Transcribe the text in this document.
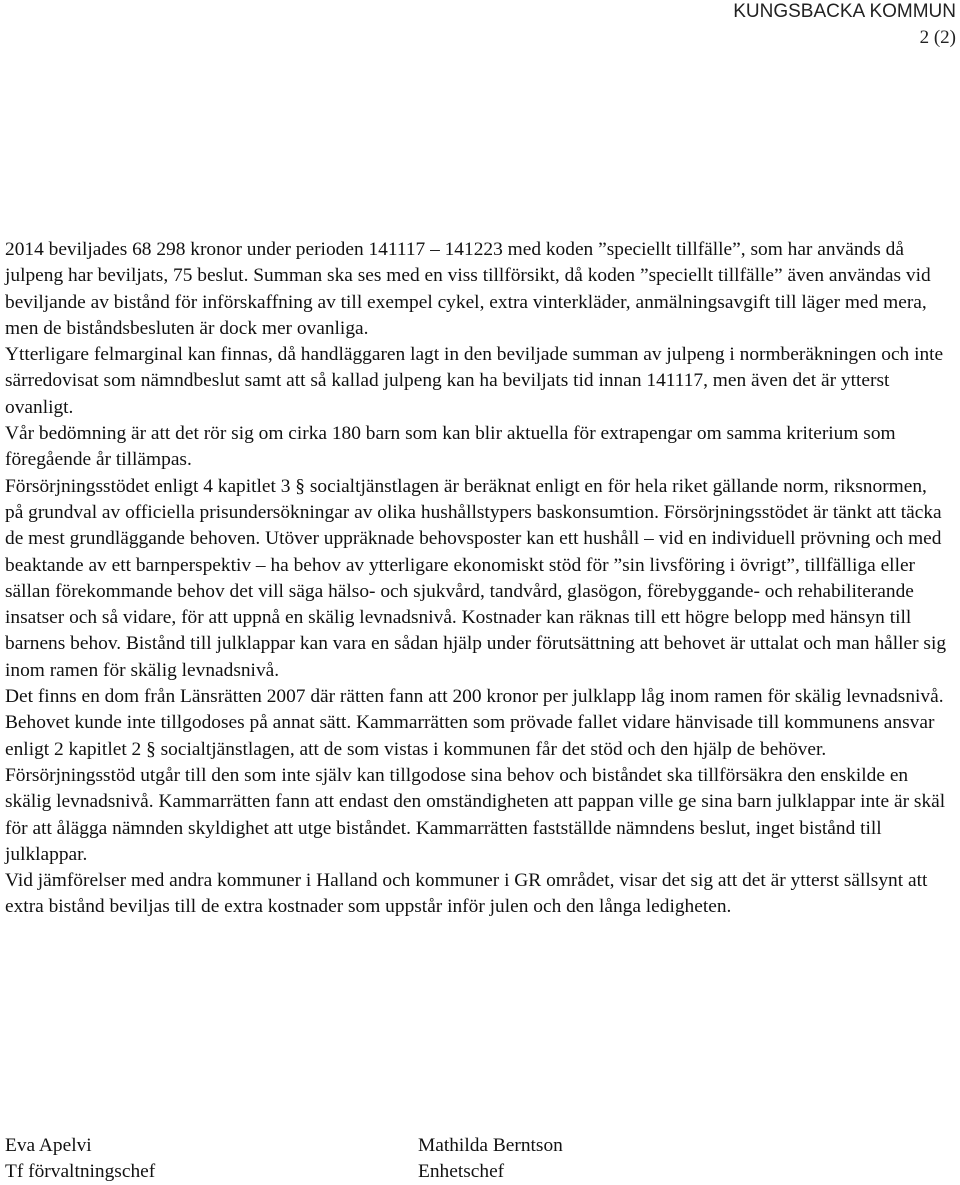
KUNGSBACKA KOMMUN
2 (2)

2014 beviljades 68 298 kronor under perioden 141117 – 141223 med koden ”speciellt tillfälle”, som har används då julpeng har beviljats, 75 beslut. Summan ska ses med en viss tillförsikt, då koden ”speciellt tillfälle” även användas vid beviljande av bistånd för införskaffning av till exempel cykel, extra vinterkläder, anmälningsavgift till läger med mera, men de biståndsbesluten är dock mer ovanliga.

Ytterligare felmarginal kan finnas, då handläggaren lagt in den beviljade summan av julpeng i normberäkningen och inte särredovisat som nämndbeslut samt att så kallad julpeng kan ha beviljats tid innan 141117, men även det är ytterst ovanligt.

Vår bedömning är att det rör sig om cirka 180 barn som kan blir aktuella för extrapengar om samma kriterium som föregående år tillämpas.

Försörjningsstödet enligt 4 kapitlet 3 § socialtjänstlagen är beräknat enligt en för hela riket gällande norm, riksnormen, på grundval av officiella prisundersökningar av olika hushållstypers baskonsumtion. Försörjningsstödet är tänkt att täcka de mest grundläggande behoven. Utöver uppräknade behovsposter kan ett hushåll – vid en individuell prövning och med beaktande av ett barnperspektiv – ha behov av ytterligare ekonomiskt stöd för ”sin livsföring i övrigt”, tillfälliga eller sällan förekommande behov det vill säga hälso- och sjukvård, tandvård, glasögon, förebyggande- och rehabiliterande insatser och så vidare, för att uppnå en skälig levnadsnivå. Kostnader kan räknas till ett högre belopp med hänsyn till barnens behov. Bistånd till julklappar kan vara en sådan hjälp under förutsättning att behovet är uttalat och man håller sig inom ramen för skälig levnadsnivå.

Det finns en dom från Länsrätten 2007 där rätten fann att 200 kronor per julklapp låg inom ramen för skälig levnadsnivå. Behovet kunde inte tillgodoses på annat sätt. Kammarrätten som prövade fallet vidare hänvisade till kommunens ansvar enligt 2 kapitlet 2 § socialtjänstlagen, att de som vistas i kommunen får det stöd och den hjälp de behöver. Försörjningsstöd utgår till den som inte själv kan tillgodose sina behov och biståndet ska tillförsäkra den enskilde en skälig levnadsnivå. Kammarrätten fann att endast den omständigheten att pappan ville ge sina barn julklappar inte är skäl för att ålägga nämnden skyldighet att utge biståndet. Kammarrätten fastställde nämndens beslut, inget bistånd till julklappar.

Vid jämförelser med andra kommuner i Halland och kommuner i GR området, visar det sig att det är ytterst sällsynt att extra bistånd beviljas till de extra kostnader som uppstår inför julen och den långa ledigheten.

Eva Apelvi
Tf förvaltningschef
Mathilda Berntson
Enhetschef
